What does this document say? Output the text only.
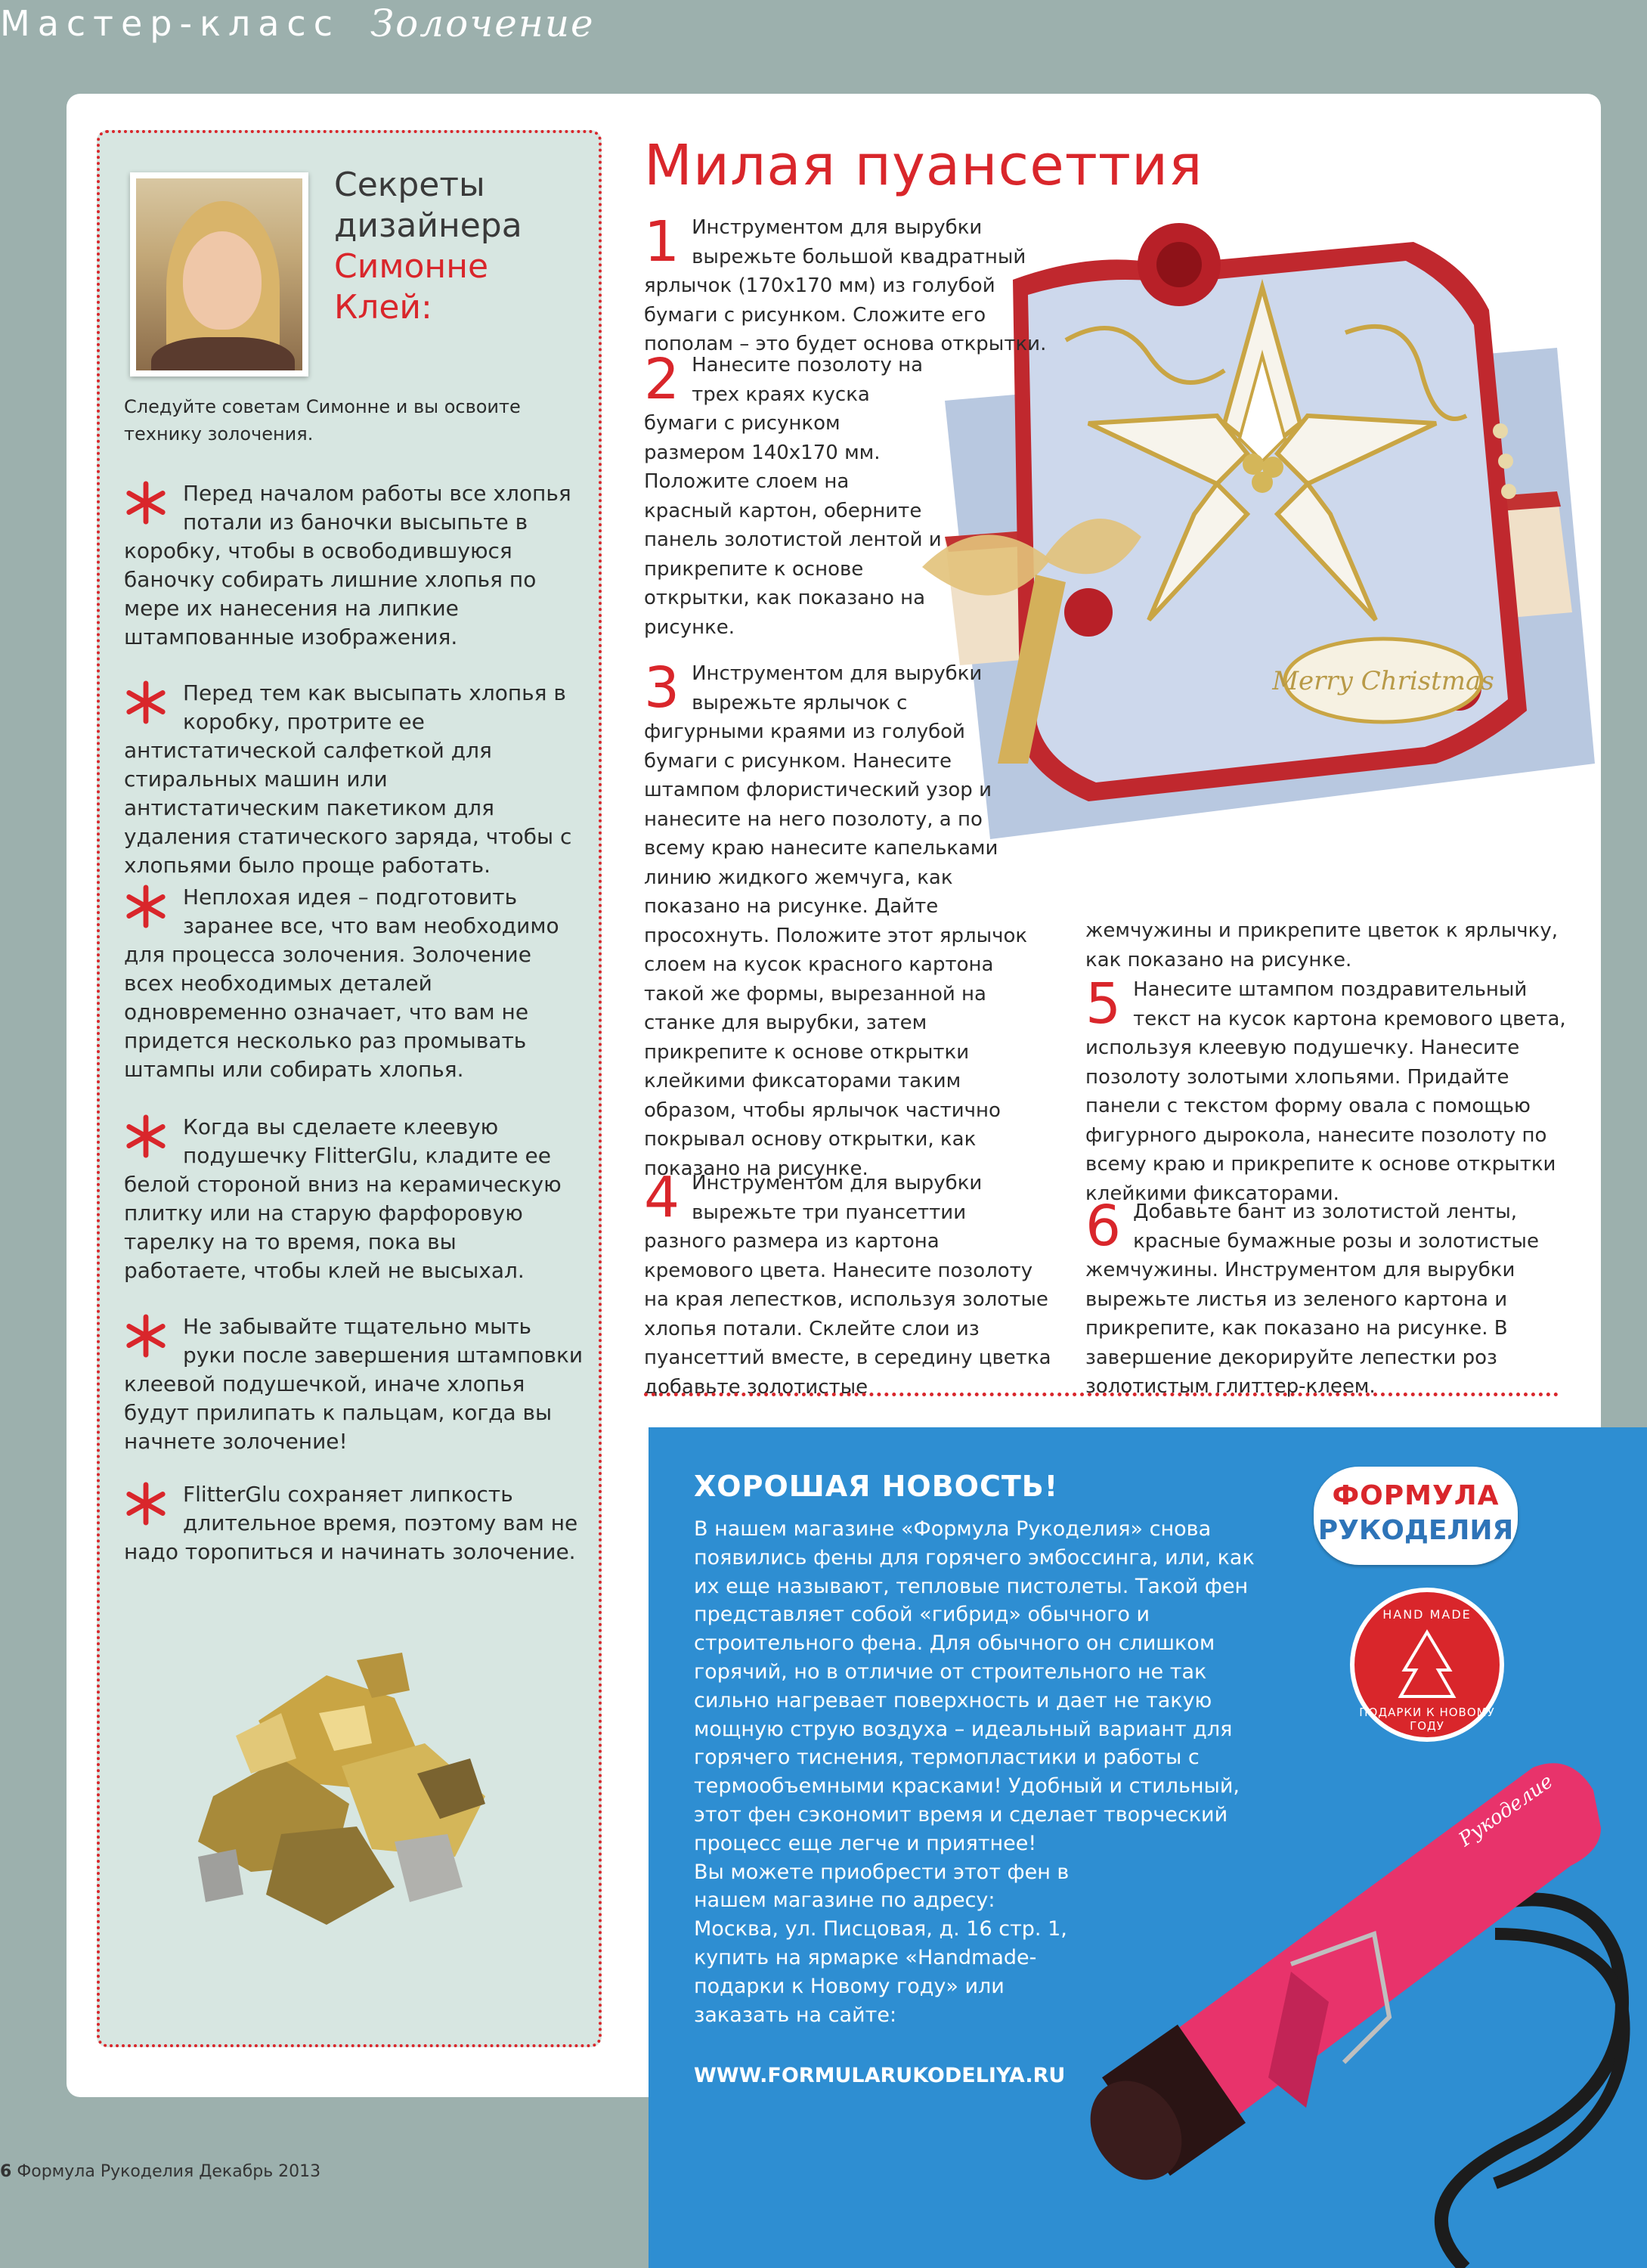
Мастер-класс Золочение
Секреты
дизайнера
Симонне
Клей:
Следуйте советам Симонне и вы освоите технику золочения.
Перед началом работы все хлопья потали из баночки высыпьте в коробку, чтобы в освободившуюся баночку собирать лишние хлопья по мере их нанесения на липкие штампованные изображения.
Перед тем как высыпать хлопья в коробку, протрите ее антистатической салфеткой для стиральных машин или антистатическим пакетиком для удаления статического заряда, чтобы с хлопьями было проще работать.
Неплохая идея – подготовить заранее все, что вам необходимо для процесса золочения. Золочение всех необходимых деталей одновременно означает, что вам не придется несколько раз промывать штампы или собирать хлопья.
Когда вы сделаете клеевую подушечку FlitterGlu, кладите ее белой стороной вниз на керамическую плитку или на старую фарфоровую тарелку на то время, пока вы работаете, чтобы клей не высыхал.
Не забывайте тщательно мыть руки после завершения штамповки клеевой подушечкой, иначе хлопья будут прилипать к пальцам, когда вы начнете золочение!
FlitterGlu сохраняет липкость длительное время, поэтому вам не надо торопиться и начинать золочение.
Милая пуансеттия
Merry Christmas
1 Инструментом для вырубки вырежьте большой квадратный ярлычок (170x170 мм) из голубой бумаги с рисунком. Сложите его пополам – это будет основа открытки.
2 Нанесите позолоту на трех краях куска бумаги с рисунком размером 140x170 мм. Положите слоем на красный картон, оберните панель золотистой лентой и прикрепите к основе открытки, как показано на рисунке.
3 Инструментом для вырубки вырежьте ярлычок с фигурными краями из голубой бумаги с рисунком. Нанесите штампом флористический узор и нанесите на него позолоту, а по всему краю нанесите капельками линию жидкого жемчуга, как показано на рисунке. Дайте просохнуть. Положите этот ярлычок слоем на кусок красного картона такой же формы, вырезанной на станке для вырубки, затем прикрепите к основе открытки клейкими фиксаторами таким образом, чтобы ярлычок частично покрывал основу открытки, как показано на рисунке.
4 Инструментом для вырубки вырежьте три пуансеттии разного размера из картона кремового цвета. Нанесите позолоту на края лепестков, используя золотые хлопья потали. Склейте слои из пуансеттий вместе, в середину цветка добавьте золотистые
жемчужины и прикрепите цветок к ярлычку, как показано на рисунке.
5 Нанесите штампом поздравительный текст на кусок картона кремового цвета, используя клеевую подушечку. Нанесите позолоту золотыми хлопьями. Придайте панели с текстом форму овала с помощью фигурного дырокола, нанесите позолоту по всему краю и прикрепите к основе открытки клейкими фиксаторами.
6 Добавьте бант из золотистой ленты, красные бумажные розы и золотистые жемчужины. Инструментом для вырубки вырежьте листья из зеленого картона и прикрепите, как показано на рисунке. В завершение декорируйте лепестки роз золотистым глиттер-клеем.
ХОРОШАЯ НОВОСТЬ!
В нашем магазине «Формула Рукоделия» снова появились фены для горячего эмбоссинга, или, как их еще называют, тепловые пистолеты. Такой фен представляет собой «гибрид» обычного и строительного фена. Для обычного он слишком горячий, но в отличие от строительного не так сильно нагревает поверхность и дает не такую мощную струю воздуха – идеальный вариант для горячего тиснения, термопластики и работы с термообъемными красками! Удобный и стильный, этот фен сэкономит время и сделает творческий
процесс еще легче и приятнее! Вы можете приобрести этот фен в нашем магазине по адресу: Москва, ул. Писцовая, д. 16 стр. 1, купить на ярмарке «Handmade-подарки к Новому году» или заказать на сайте:
WWW.FORMULARUKODELIYA.RU
ФОРМУЛА
РУКОДЕЛИЯ
HAND MADE
ПОДАРКИ К НОВОМУ ГОДУ
Рукоделие
6 Формула Рукоделия Декабрь 2013
